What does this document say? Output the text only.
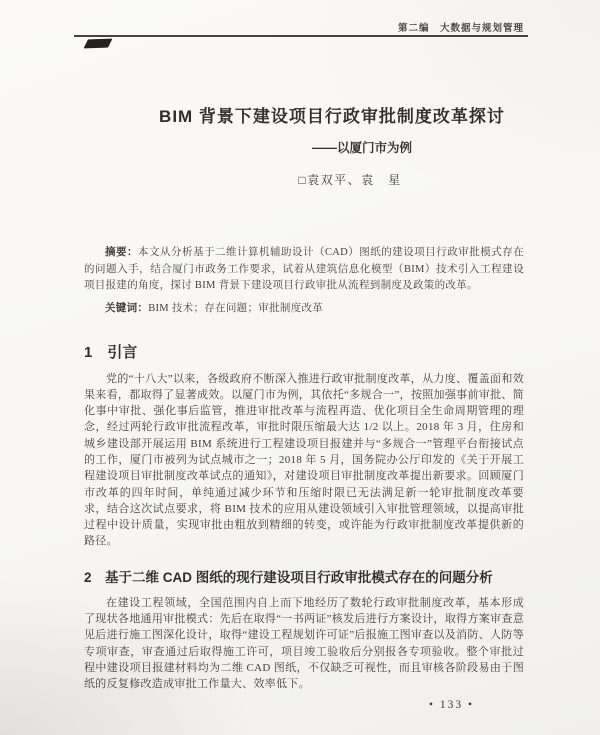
第二编　大数据与规划管理
BIM 背景下建设项目行政审批制度改革探讨
——以厦门市为例
□袁双平、袁　星
摘要：本文从分析基于二维计算机辅助设计（CAD）图纸的建设项目行政审批模式存在的问题入手，结合厦门市政务工作要求，试着从建筑信息化模型（BIM）技术引入工程建设项目报建的角度，探讨 BIM 背景下建设项目行政审批从流程到制度及政策的改革。
关键词：BIM 技术；存在问题；审批制度改革
1　引言

党的“十八大”以来，各级政府不断深入推进行政审批制度改革，从力度、覆盖面和效果来看，都取得了显著成效。以厦门市为例，其依托“多规合一”，按照加强事前审批、简化事中审批、强化事后监管，推进审批改革与流程再造、优化项目全生命周期管理的理念，经过两轮行政审批流程改革，审批时限压缩最大达 1/2 以上。2018 年 3 月，住房和城乡建设部开展运用 BIM 系统进行工程建设项目报建并与“多规合一”管理平台衔接试点的工作，厦门市被列为试点城市之一；2018 年 5 月，国务院办公厅印发的《关于开展工程建设项目审批制度改革试点的通知》，对建设项目审批制度改革提出新要求。回顾厦门市改革的四年时间，单纯通过减少环节和压缩时限已无法满足新一轮审批制度改革要求，结合这次试点要求，将 BIM 技术的应用从建设领域引入审批管理领域，以提高审批过程中设计质量，实现审批由粗放到精细的转变，或许能为行政审批制度改革提供新的路径。

2　基于二维 CAD 图纸的现行建设项目行政审批模式存在的问题分析

在建设工程领域，全国范围内自上而下地经历了数轮行政审批制度改革，基本形成了现状各地通用审批模式：先后在取得“一书两证”核发后进行方案设计，取得方案审查意见后进行施工图深化设计，取得“建设工程规划许可证”后报施工图审查以及消防、人防等专项审查，审查通过后取得施工许可，项目竣工验收后分别报各专项验收。整个审批过程中建设项目报建材料均为二维 CAD 图纸，不仅缺乏可视性，而且审核各阶段易由于图纸的反复修改造成审批工作量大、效率低下。

• 133 •
